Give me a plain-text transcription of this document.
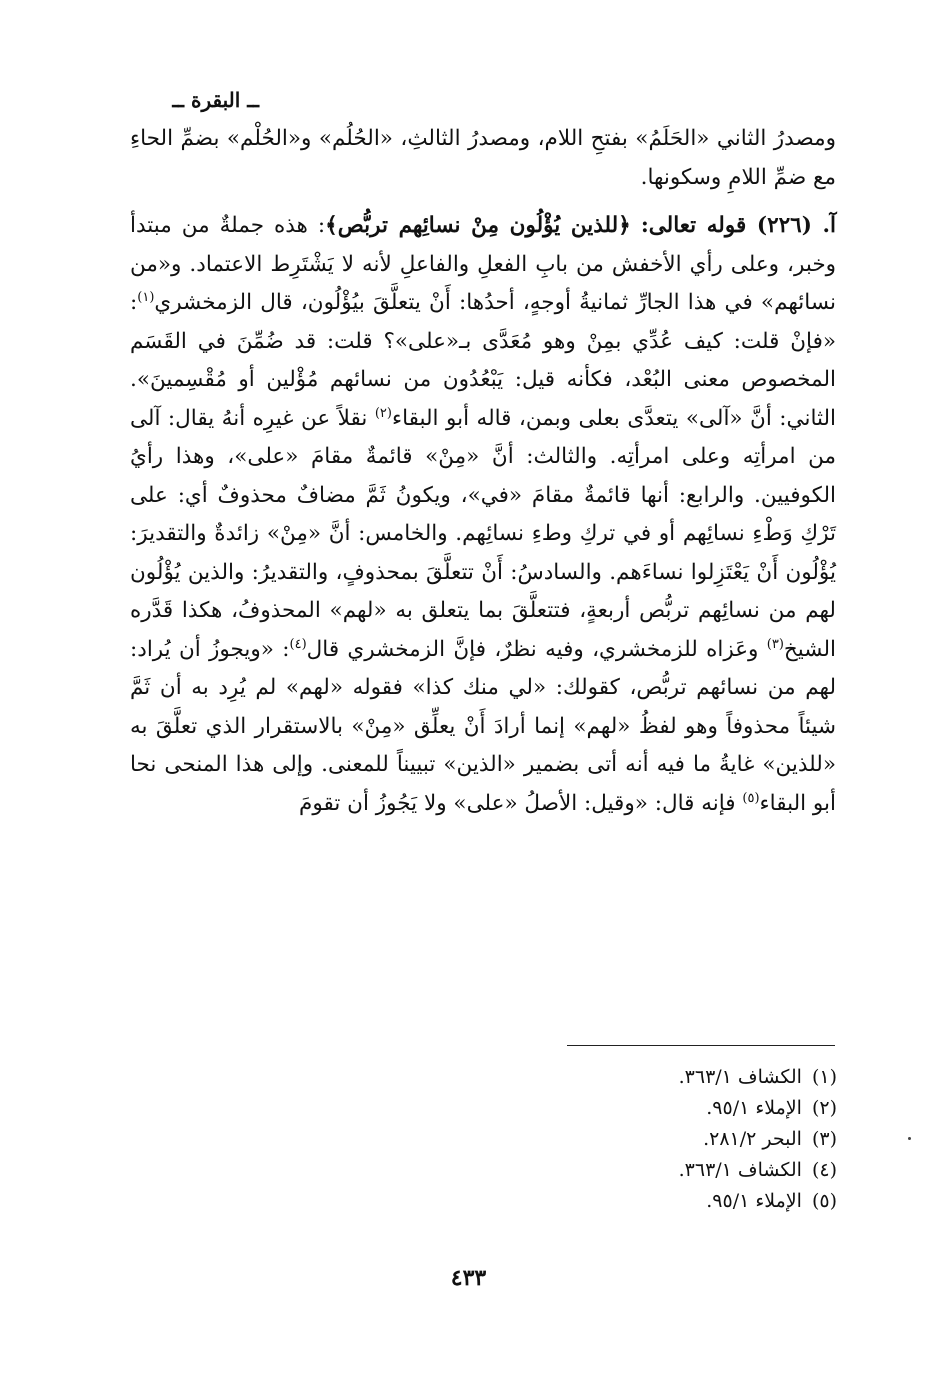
ــ البقرة ــ

ومصدرُ الثاني «الحَلَمُ» بفتحِ اللام، ومصدرُ الثالثِ، «الحُلُم» و«الحُلْم» بضمِّ الحاءِ مع ضمِّ اللامِ وسكونها.

آ. (٢٢٦) قوله تعالى: ﴿للذين يُؤْلُون مِنْ نسائِهم تربُّص﴾: هذه جملةٌ من مبتدأ وخبر، وعلى رأي الأخفش من بابِ الفعلِ والفاعلِ لأنه لا يَشْتَرِط الاعتماد. و«من نسائهم» في هذا الجارِّ ثمانيةُ أوجهٍ، أحدُها: أَنْ يتعلَّقَ بيُؤْلُون، قال الزمخشري$^{(١)}$: «فإنْ قلت: كيف عُدِّي بمِنْ وهو مُعَدَّى بـ«على»؟ قلت: قد ضُمِّنَ في القَسَم المخصوص معنى البُعْد، فكأنه قيل: يَبْعُدُون من نسائهم مُؤْلين أو مُقْسِمينَ». الثاني: أنَّ «آلى» يتعدَّى بعلى وبمن، قاله أبو البقاء$^{(٢)}$ نقلاً عن غيرِه أنهُ يقال: آلى من امرأتِه وعلى امرأتِه. والثالث: أنَّ «مِنْ» قائمةٌ مقامَ «على»، وهذا رأيُ الكوفيين. والرابع: أنها قائمةٌ مقامَ «في»، ويكونُ ثَمَّ مضافٌ محذوفٌ أي: على تَرْكِ وَطْءِ نسائِهم أو في تركِ وطءِ نسائِهم. والخامس: أنَّ «مِنْ» زائدةٌ والتقديرَ: يُؤْلُون أَنْ يَعْتَزِلوا نساءَهم. والسادسُ: أَنْ تتعلَّقَ بمحذوفٍ، والتقديرُ: والذين يُؤْلُون لهم من نسائِهم تربُّص أربعةٍ، فتتعلَّقَ بما يتعلق به «لهم» المحذوفُ، هكذا قَدَّره الشيخ$^{(٣)}$ وعَزاه للزمخشري، وفيه نظرٌ، فإنَّ الزمخشري قال$^{(٤)}$: «ويجوزُ أن يُراد: لهم من نسائهم تربُّص، كقولك: «لي منك كذا» فقوله «لهم» لم يُرِد به أن ثَمَّ شيئاً محذوفاً وهو لفظُ «لهم» إنما أرادَ أَنْ يعلِّق «مِنْ» بالاستقرار الذي تعلَّقَ به «للذين» غايةُ ما فيه أنه أتى بضمير «الذين» تبييناً للمعنى. وإلى هذا المنحى نحا أبو البقاء$^{(٥)}$ فإنه قال: «وقيل: الأصلُ «على» ولا يَجُوزُ أن تقومَ

(١)الكشاف ٣٦٣/١.
(٢)الإملاء ٩٥/١.
(٣)البحر ٢٨١/٢.
(٤)الكشاف ٣٦٣/١.
(٥)الإملاء ٩٥/١.
٤٣٣
